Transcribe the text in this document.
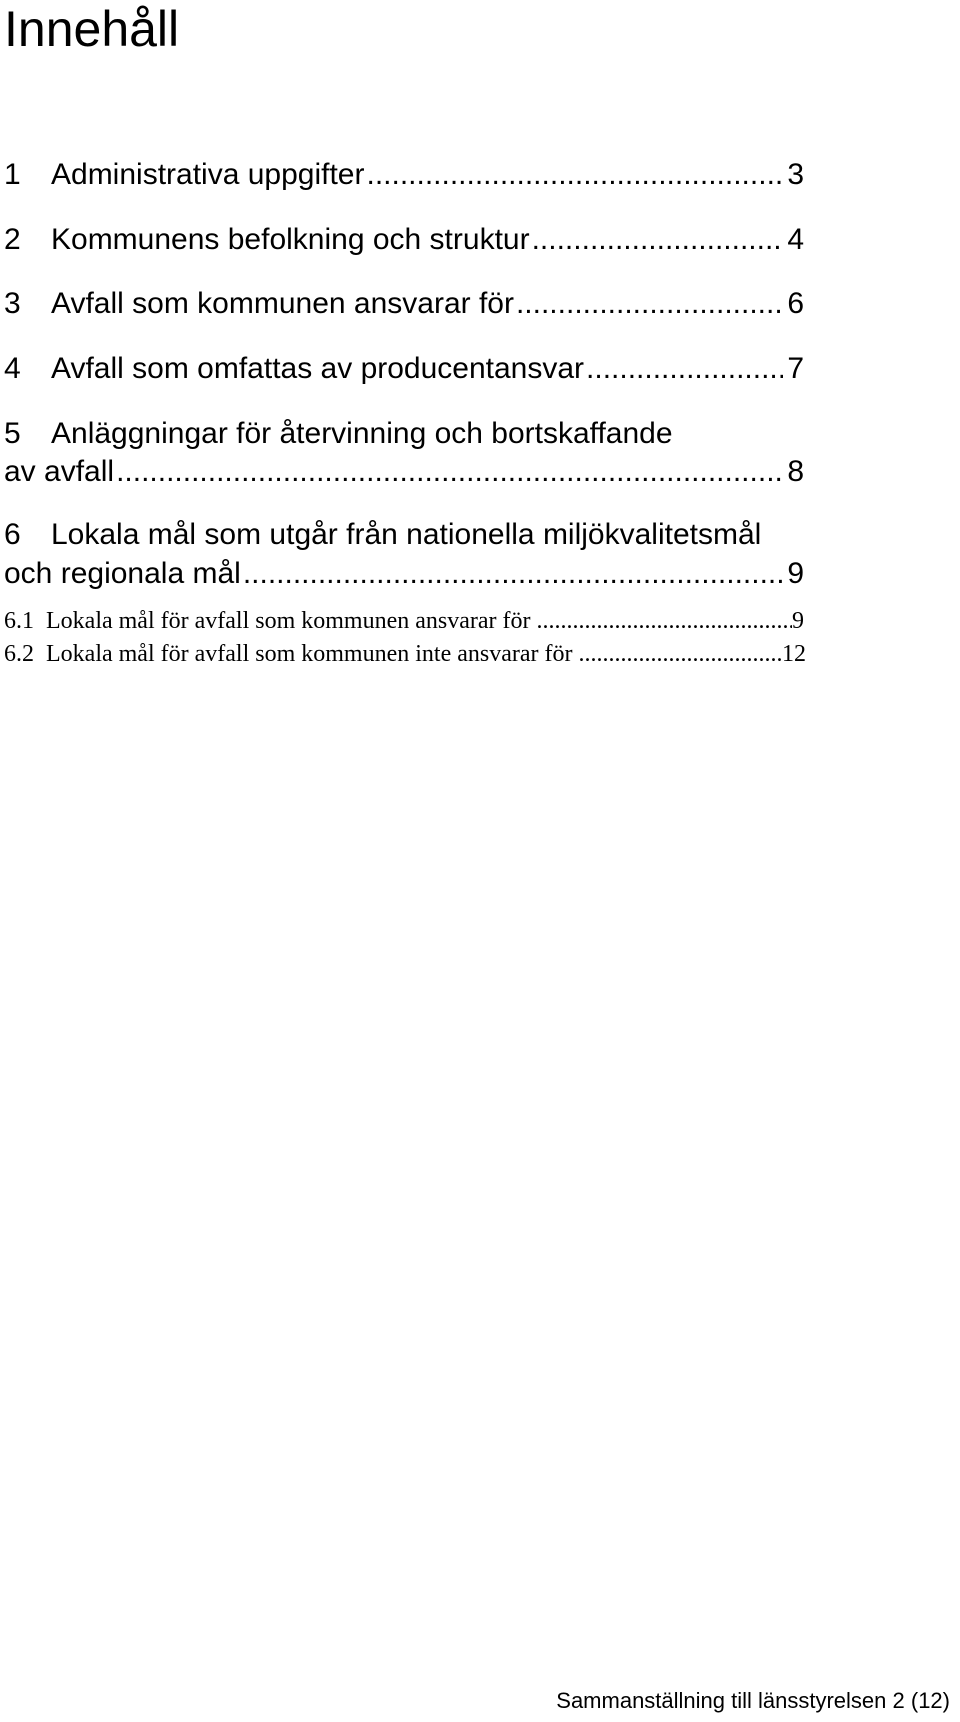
Innehåll
1	Administrativa uppgifter .....	3
2	Kommunens befolkning och struktur .....	4
3	Avfall som kommunen ansvarar för .....	6
4	Avfall som omfattas av producentansvar .....	7
5 Anläggningar för återvinning och bortskaffande
av avfall .....	8
6 Lokala mål som utgår från nationella miljökvalitetsmål
och regionala mål .....	9
6.1 Lokala mål för avfall som kommunen ansvarar för .....	9
6.2 Lokala mål för avfall som kommunen inte ansvarar för .....	12
Sammanställning till länsstyrelsen 2 (12)
